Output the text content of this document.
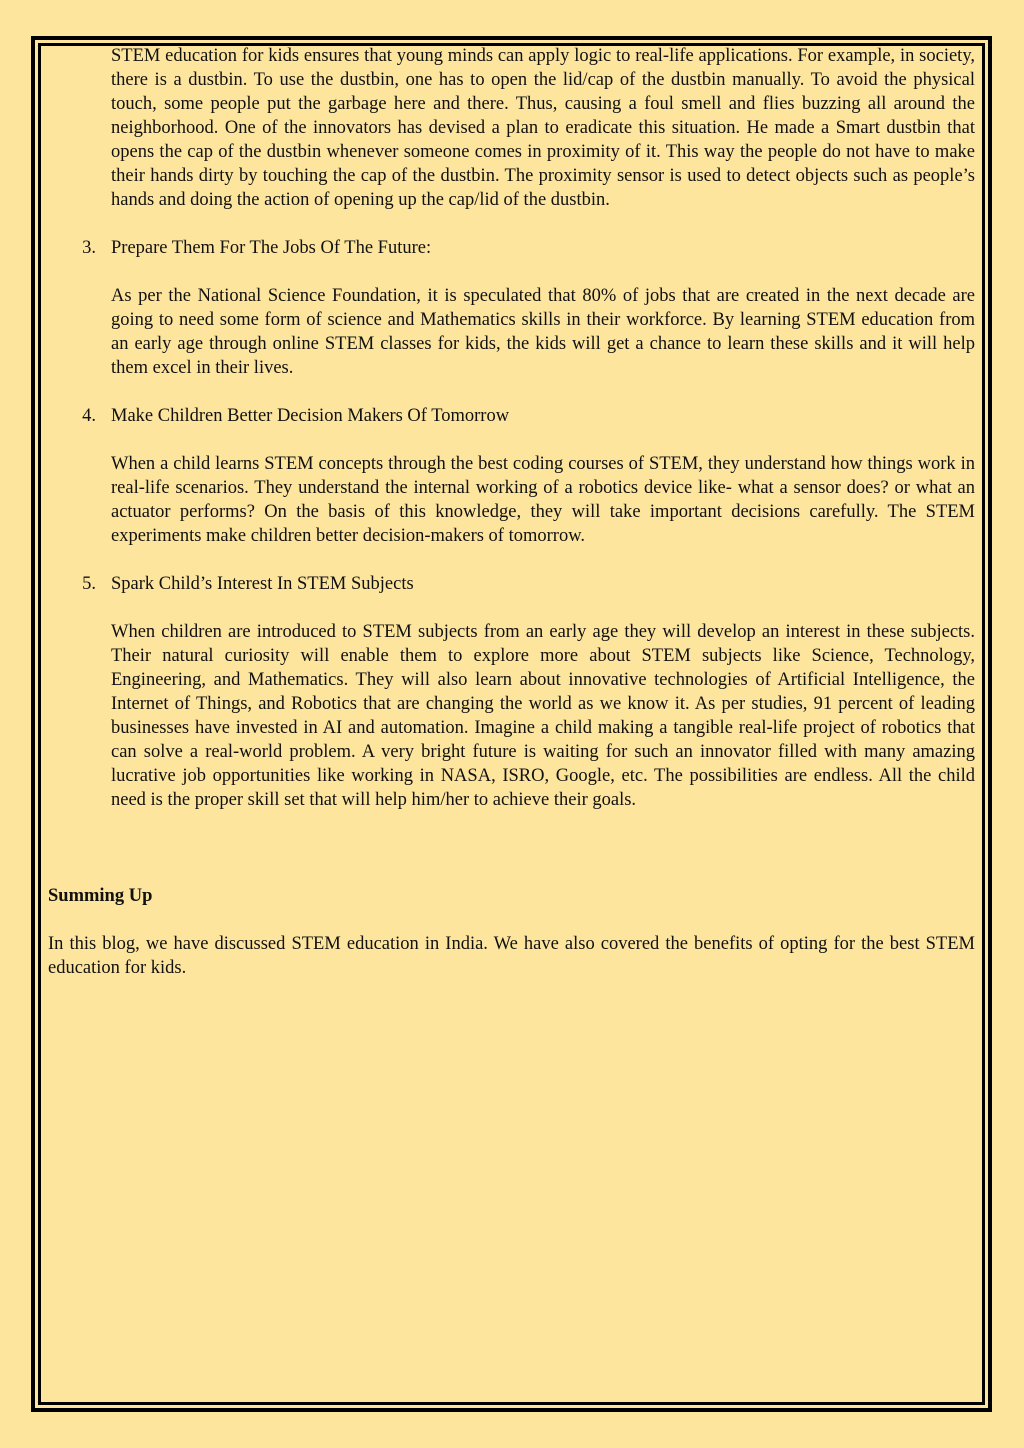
STEM education for kids ensures that young minds can apply logic to real-life applications. For example, in society, there is a dustbin. To use the dustbin, one has to open the lid/cap of the dustbin manually. To avoid the physical touch, some people put the garbage here and there. Thus, causing a foul smell and flies buzzing all around the neighborhood. One of the innovators has devised a plan to eradicate this situation. He made a Smart dustbin that opens the cap of the dustbin whenever someone comes in proximity of it. This way the people do not have to make their hands dirty by touching the cap of the dustbin. The proximity sensor is used to detect objects such as people’s hands and doing the action of opening up the cap/lid of the dustbin.

3. Prepare Them For The Jobs Of The Future:

As per the National Science Foundation, it is speculated that 80% of jobs that are created in the next decade are going to need some form of science and Mathematics skills in their workforce. By learning STEM education from an early age through online STEM classes for kids, the kids will get a chance to learn these skills and it will help them excel in their lives.

4. Make Children Better Decision Makers Of Tomorrow

When a child learns STEM concepts through the best coding courses of STEM, they understand how things work in real-life scenarios. They understand the internal working of a robotics device like- what a sensor does? or what an actuator performs? On the basis of this knowledge, they will take important decisions carefully. The STEM experiments make children better decision-makers of tomorrow.

5. Spark Child’s Interest In STEM Subjects

When children are introduced to STEM subjects from an early age they will develop an interest in these subjects. Their natural curiosity will enable them to explore more about STEM subjects like Science, Technology, Engineering, and Mathematics. They will also learn about innovative technologies of Artificial Intelligence, the Internet of Things, and Robotics that are changing the world as we know it. As per studies, 91 percent of leading businesses have invested in AI and automation. Imagine a child making a tangible real-life project of robotics that can solve a real-world problem. A very bright future is waiting for such an innovator filled with many amazing lucrative job opportunities like working in NASA, ISRO, Google, etc. The possibilities are endless. All the child need is the proper skill set that will help him/her to achieve their goals.

Summing Up

In this blog, we have discussed STEM education in India. We have also covered the benefits of opting for the best STEM education for kids.
